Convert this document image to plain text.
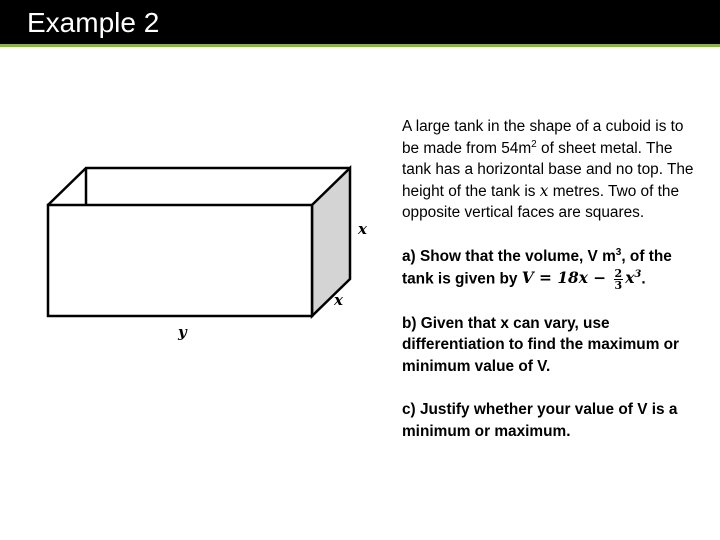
Example 2
x
x
y

A large tank in the shape of a cuboid is to be made from $54m^2$ of sheet metal. The tank has a horizontal base and no top. The height of the tank is x metres. Two of the opposite vertical faces are squares.

a) Show that the volume, V $m^3$, of the tank is given by $V = 18x - \frac{2}{3} x^3$.

b) Given that x can vary, use differentiation to find the maximum or minimum value of V.

c) Justify whether your value of V is a minimum or maximum.
